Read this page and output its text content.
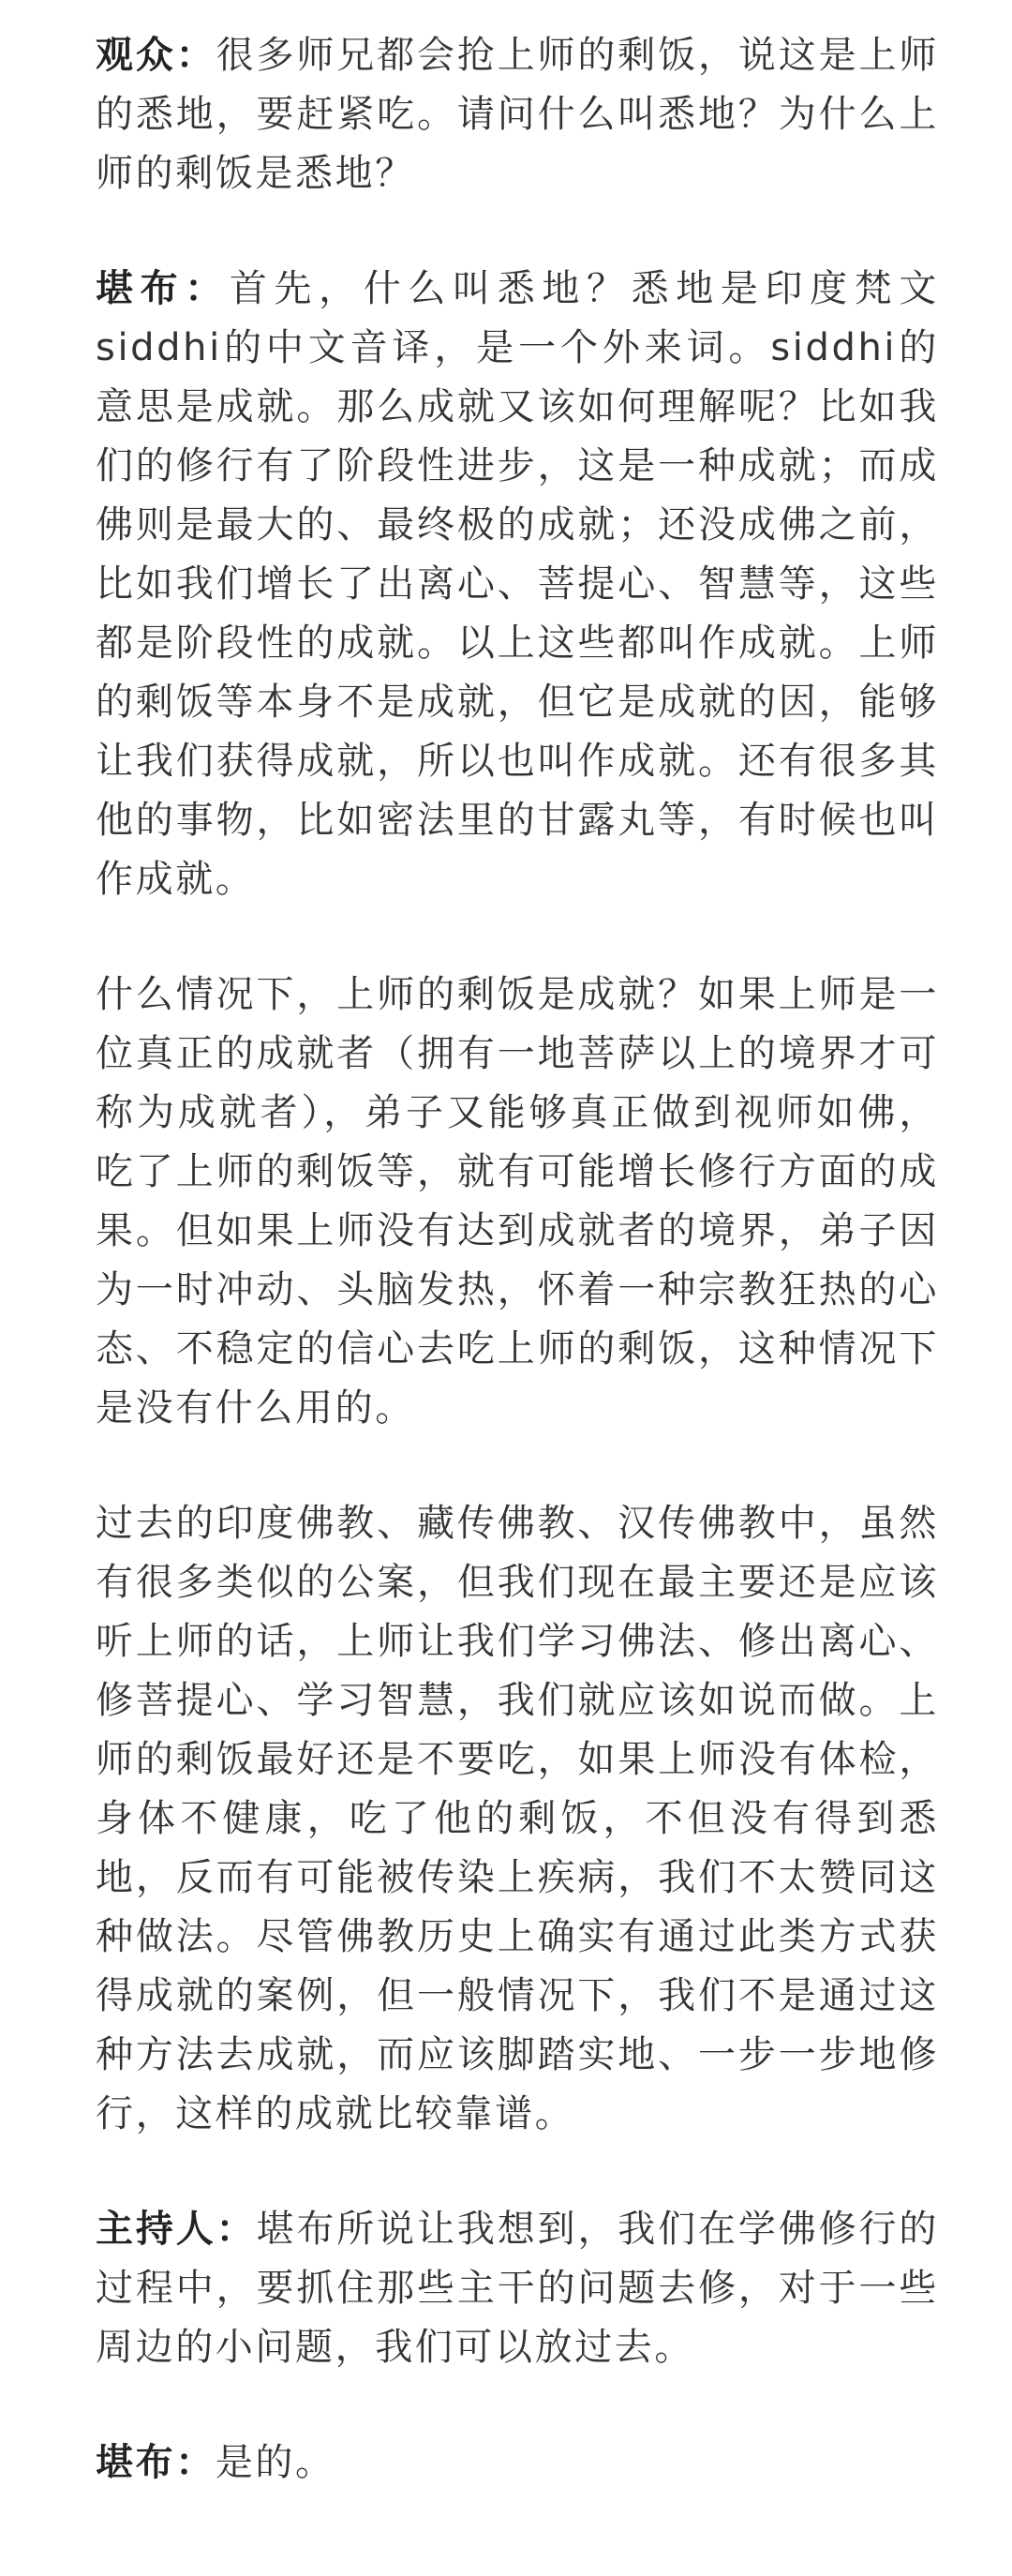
观众：很多师兄都会抢上师的剩饭，说这是上师的悉地，要赶紧吃。请问什么叫悉地？为什么上师的剩饭是悉地？

堪布：首先，什么叫悉地？悉地是印度梵文siddhi的中文音译，是一个外来词。siddhi的意思是成就。那么成就又该如何理解呢？比如我们的修行有了阶段性进步，这是一种成就；而成佛则是最大的、最终极的成就；还没成佛之前，比如我们增长了出离心、菩提心、智慧等，这些都是阶段性的成就。以上这些都叫作成就。上师的剩饭等本身不是成就，但它是成就的因，能够让我们获得成就，所以也叫作成就。还有很多其他的事物，比如密法里的甘露丸等，有时候也叫作成就。

什么情况下，上师的剩饭是成就？如果上师是一位真正的成就者（拥有一地菩萨以上的境界才可称为成就者），弟子又能够真正做到视师如佛，吃了上师的剩饭等，就有可能增长修行方面的成果。但如果上师没有达到成就者的境界，弟子因为一时冲动、头脑发热，怀着一种宗教狂热的心态、不稳定的信心去吃上师的剩饭，这种情况下是没有什么用的。

过去的印度佛教、藏传佛教、汉传佛教中，虽然有很多类似的公案，但我们现在最主要还是应该听上师的话，上师让我们学习佛法、修出离心、修菩提心、学习智慧，我们就应该如说而做。上师的剩饭最好还是不要吃，如果上师没有体检，身体不健康，吃了他的剩饭，不但没有得到悉地，反而有可能被传染上疾病，我们不太赞同这种做法。尽管佛教历史上确实有通过此类方式获得成就的案例，但一般情况下，我们不是通过这种方法去成就，而应该脚踏实地、一步一步地修行，这样的成就比较靠谱。

主持人：堪布所说让我想到，我们在学佛修行的过程中，要抓住那些主干的问题去修，对于一些周边的小问题，我们可以放过去。

堪布：是的。
